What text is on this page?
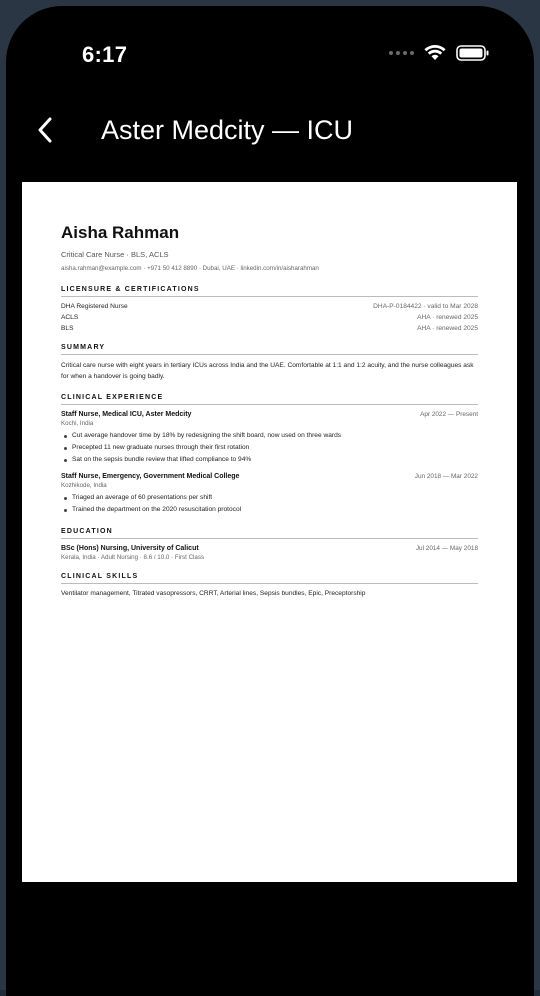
6:17
Aster Medcity — ICU
Aisha Rahman
Critical Care Nurse · BLS, ACLS
aisha.rahman@example.com · +971 50 412 8890 · Dubai, UAE · linkedin.com/in/aisharahman
LICENSURE & CERTIFICATIONS
DHA Registered Nurse	DHA-P-0184422 · valid to Mar 2028
ACLS	AHA · renewed 2025
BLS	AHA · renewed 2025
SUMMARY
Critical care nurse with eight years in tertiary ICUs across India and the UAE. Comfortable at 1:1 and 1:2 acuity, and the nurse colleagues ask for when a handover is going badly.
CLINICAL EXPERIENCE
Staff Nurse, Medical ICU, Aster Medcity	Apr 2022 — Present
Kochi, India
Cut average handover time by 18% by redesigning the shift board, now used on three wards
Precepted 11 new graduate nurses through their first rotation
Sat on the sepsis bundle review that lifted compliance to 94%
Staff Nurse, Emergency, Government Medical College	Jun 2018 — Mar 2022
Kozhikode, India
Triaged an average of 60 presentations per shift
Trained the department on the 2020 resuscitation protocol
EDUCATION
BSc (Hons) Nursing, University of Calicut	Jul 2014 — May 2018
Kerala, India · Adult Nursing · 8.6 / 10.0 · First Class
CLINICAL SKILLS
Ventilator management, Titrated vasopressors, CRRT, Arterial lines, Sepsis bundles, Epic, Preceptorship
